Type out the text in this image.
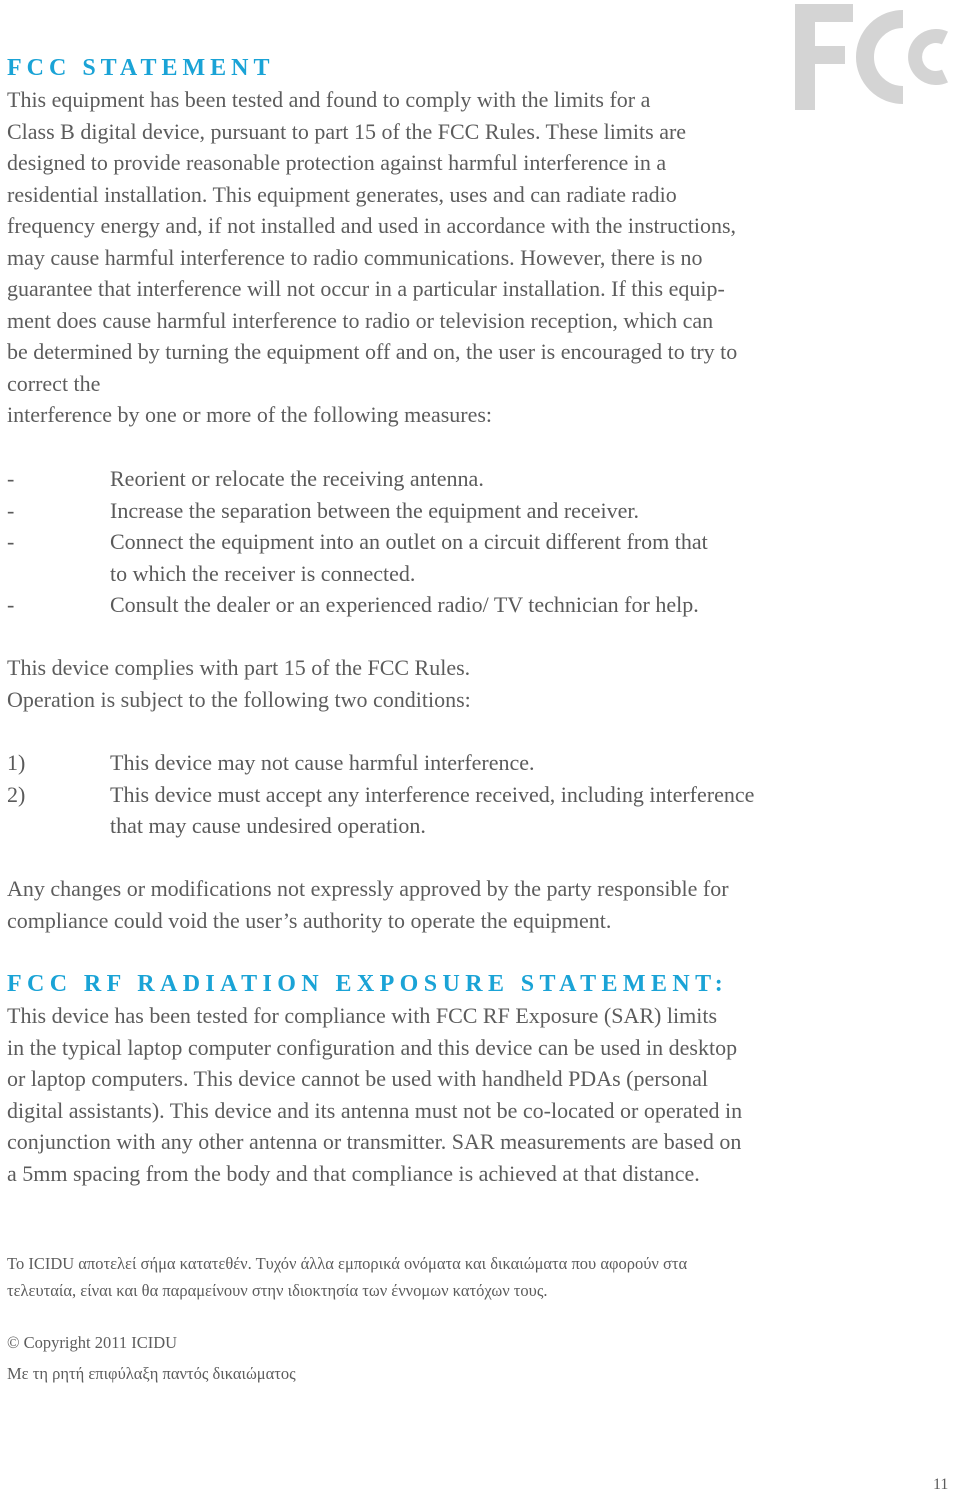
FCC STATEMENT

This equipment has been tested and found to comply with the limits for a
Class B digital device, pursuant to part 15 of the FCC Rules. These limits are
designed to provide reasonable protection against harmful interference in a
residential installation. This equipment generates, uses and can radiate radio
frequency energy and, if not installed and used in accordance with the instructions,
may cause harmful interference to radio communications. However, there is no
guarantee that interference will not occur in a particular installation. If this equip-
ment does cause harmful interference to radio or television reception, which can
be determined by turning the equipment off and on, the user is encouraged to try to
correct the
interference by one or more of the following measures:

-	Reorient or relocate the receiving antenna.
-	Increase the separation between the equipment and receiver.
-	Connect the equipment into an outlet on a circuit different from that
to which the receiver is connected.
-	Consult the dealer or an experienced radio/ TV technician for help.

This device complies with part 15 of the FCC Rules.
Operation is subject to the following two conditions:

1)	This device may not cause harmful interference.
2)	This device must accept any interference received, including interference
that may cause undesired operation.

Any changes or modifications not expressly approved by the party responsible for
compliance could void the user’s authority to operate the equipment.

FCC RF RADIATION EXPOSURE STATEMENT:

This device has been tested for compliance with FCC RF Exposure (SAR) limits
in the typical laptop computer configuration and this device can be used in desktop
or laptop computers. This device cannot be used with handheld PDAs (personal
digital assistants). This device and its antenna must not be co-located or operated in
conjunction with any other antenna or transmitter. SAR measurements are based on
a 5mm spacing from the body and that compliance is achieved at that distance.

Το ICIDU αποτελεί σήμα κατατεθέν. Τυχόν άλλα εμπορικά ονόματα και δικαιώματα που αφορούν στα
τελευταία, είναι και θα παραμείνουν στην ιδιοκτησία των έννομων κατόχων τους.

© Copyright 2011 ICIDU

Με τη ρητή επιφύλαξη παντός δικαιώματος

11
